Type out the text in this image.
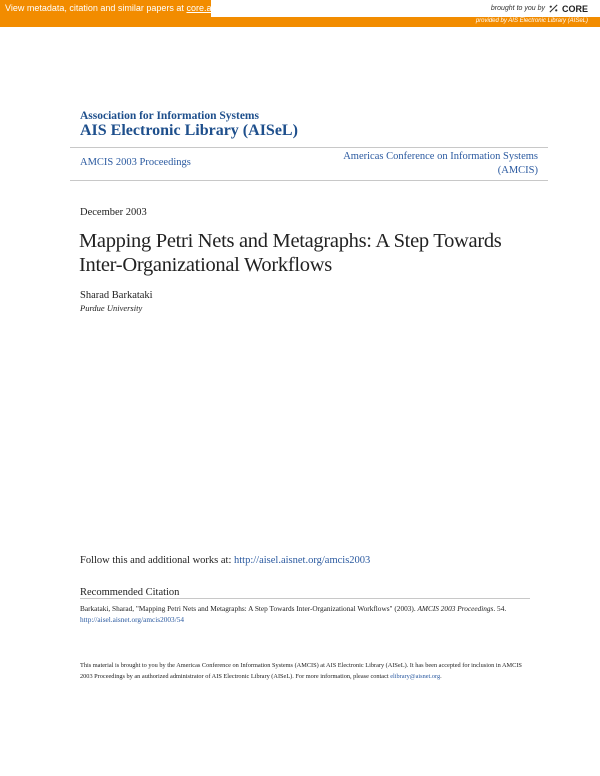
View metadata, citation and similar papers at core.ac.uk	brought to you by CORE
provided by AIS Electronic Library (AISeL)
Association for Information Systems
AIS Electronic Library (AISeL)
AMCIS 2003 Proceedings
Americas Conference on Information Systems (AMCIS)
December 2003
Mapping Petri Nets and Metagraphs: A Step Towards Inter-Organizational Workflows
Sharad Barkataki
Purdue University
Follow this and additional works at: http://aisel.aisnet.org/amcis2003
Recommended Citation
Barkataki, Sharad, "Mapping Petri Nets and Metagraphs: A Step Towards Inter-Organizational Workflows" (2003). AMCIS 2003 Proceedings. 54.
http://aisel.aisnet.org/amcis2003/54
This material is brought to you by the Americas Conference on Information Systems (AMCIS) at AIS Electronic Library (AISeL). It has been accepted for inclusion in AMCIS 2003 Proceedings by an authorized administrator of AIS Electronic Library (AISeL). For more information, please contact elibrary@aisnet.org.
